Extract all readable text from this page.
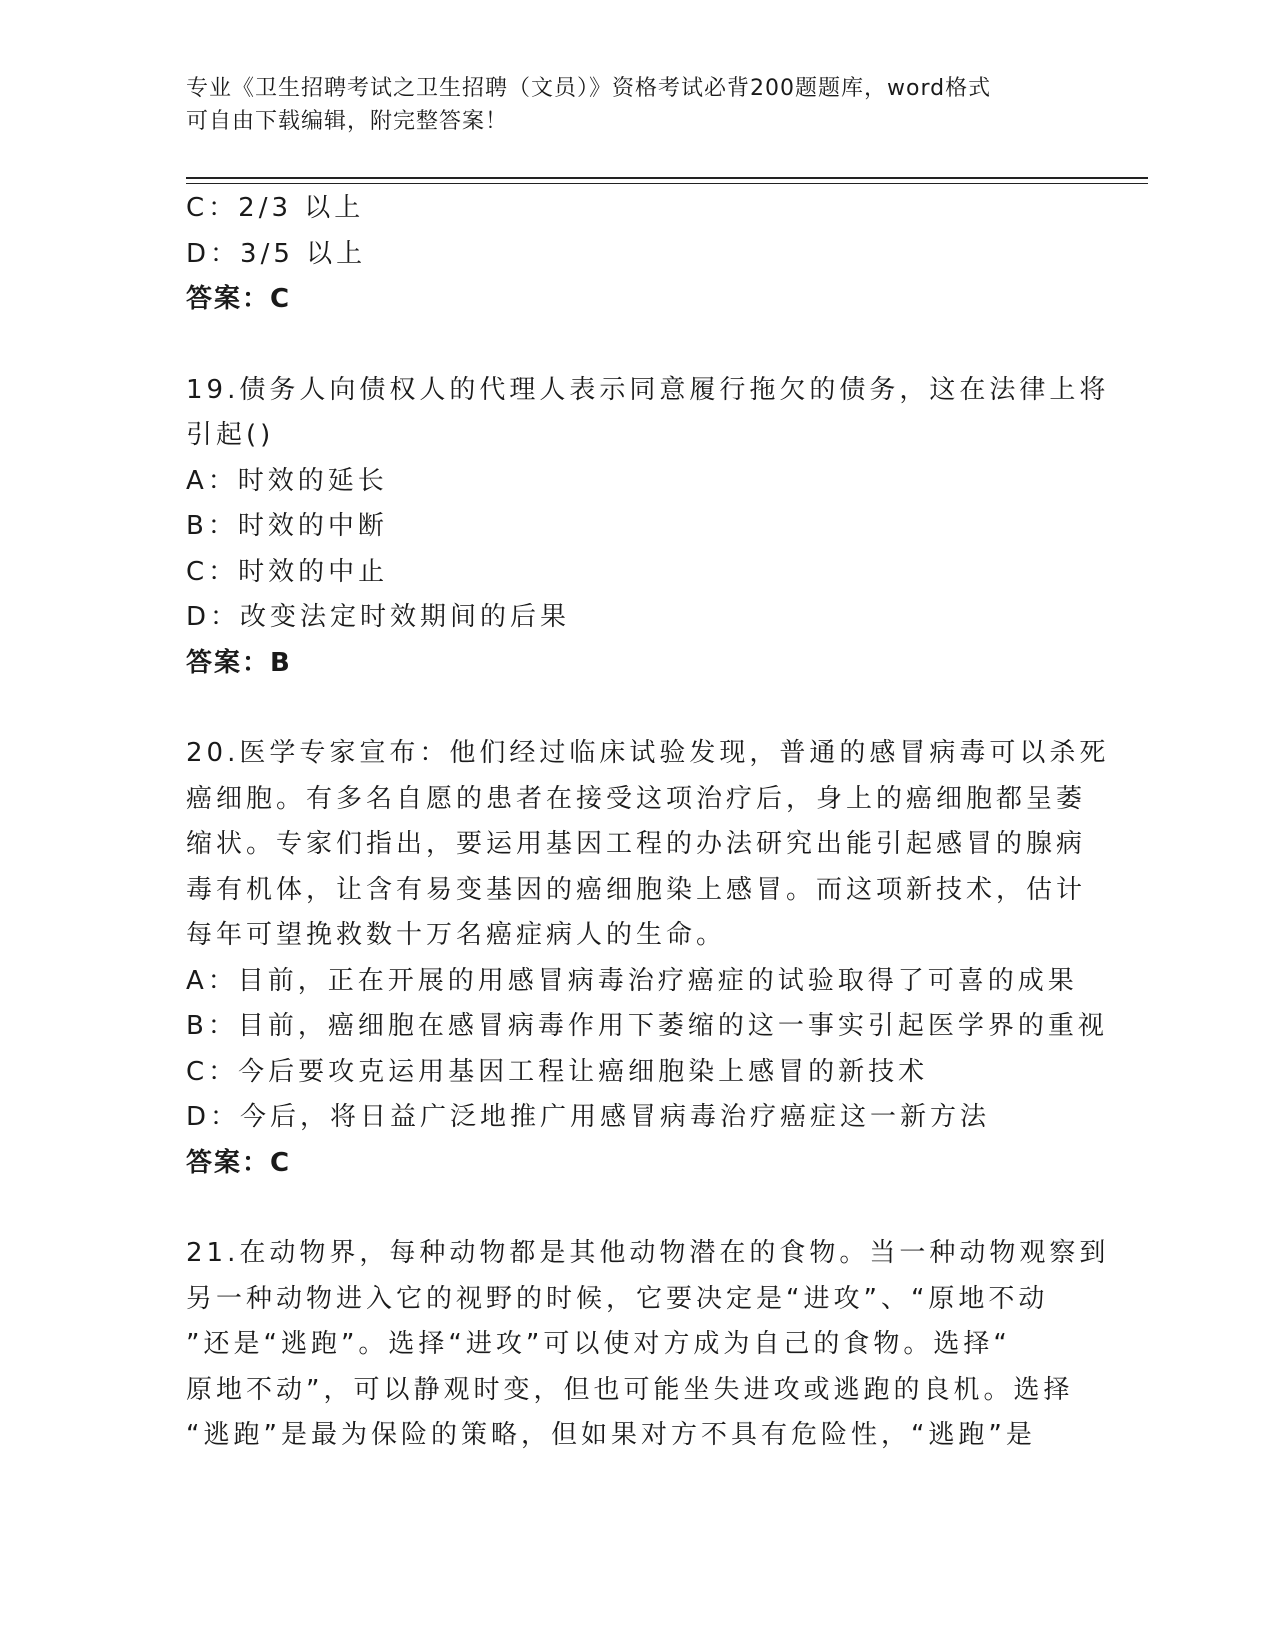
专业《卫生招聘考试之卫生招聘（文员）》资格考试必背200题题库，word格式
可自由下载编辑，附完整答案！
C：2/3 以上
D：3/5 以上
答案：C
19.债务人向债权人的代理人表示同意履行拖欠的债务，这在法律上将
引起()
A：时效的延长
B：时效的中断
C：时效的中止
D：改变法定时效期间的后果
答案：B
20.医学专家宣布：他们经过临床试验发现，普通的感冒病毒可以杀死
癌细胞。有多名自愿的患者在接受这项治疗后，身上的癌细胞都呈萎
缩状。专家们指出，要运用基因工程的办法研究出能引起感冒的腺病
毒有机体，让含有易变基因的癌细胞染上感冒。而这项新技术，估计
每年可望挽救数十万名癌症病人的生命。
A：目前，正在开展的用感冒病毒治疗癌症的试验取得了可喜的成果
B：目前，癌细胞在感冒病毒作用下萎缩的这一事实引起医学界的重视
C：今后要攻克运用基因工程让癌细胞染上感冒的新技术
D：今后，将日益广泛地推广用感冒病毒治疗癌症这一新方法
答案：C
21.在动物界，每种动物都是其他动物潜在的食物。当一种动物观察到
另一种动物进入它的视野的时候，它要决定是“进攻”、“原地不动
”还是“逃跑”。选择“进攻”可以使对方成为自己的食物。选择“
原地不动”，可以静观时变，但也可能坐失进攻或逃跑的良机。选择
“逃跑”是最为保险的策略，但如果对方不具有危险性，“逃跑”是
